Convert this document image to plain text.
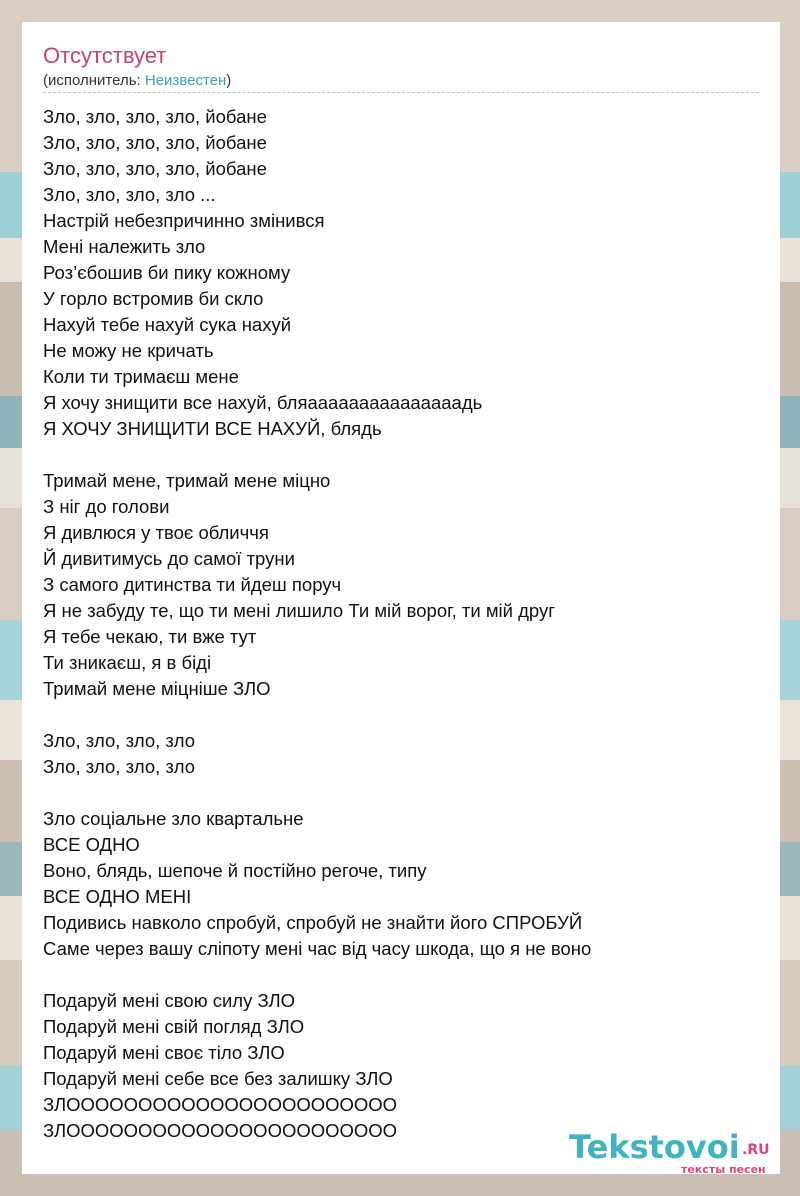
Отсутствует
(исполнитель: Неизвестен)
Зло, зло, зло, зло, йобане
Зло, зло, зло, зло, йобане
Зло, зло, зло, зло, йобане
Зло, зло, зло, зло ...
Настрій небезпричинно змінився
Мені належить зло
Роз’єбошив би пику кожному
У горло встромив би скло
Нахуй тебе нахуй сука нахуй
Не можу не кричать
Коли ти тримаєш мене
Я хочу знищити все нахуй, бляааааааааааааааадь
Я ХОЧУ ЗНИЩИТИ ВСЕ НАХУЙ, блядь
Тримай мене, тримай мене міцно
З ніг до голови
Я дивлюся у твоє обличчя
Й дивитимусь до самої труни
З самого дитинства ти йдеш поруч
Я не забуду те, що ти мені лишило Ти мій ворог, ти мій друг
Я тебе чекаю, ти вже тут
Ти зникаєш, я в біді
Тримай мене міцніше ЗЛО
Зло, зло, зло, зло
Зло, зло, зло, зло
Зло соціальне зло квартальне
ВСЕ ОДНО
Воно, блядь, шепоче й постійно регоче, типу
ВСЕ ОДНО МЕНІ
Подивись навколо спробуй, спробуй не знайти його СПРОБУЙ
Саме через вашу сліпоту мені час від часу шкода, що я не воно
Подаруй мені свою силу ЗЛО
Подаруй мені свій погляд ЗЛО
Подаруй мені своє тіло ЗЛО
Подаруй мені себе все без залишку ЗЛО
ЗЛООООООООООООООООООООООО
ЗЛООООООООООООООООООООООО	Tekstovoi .RU
тексты песен
